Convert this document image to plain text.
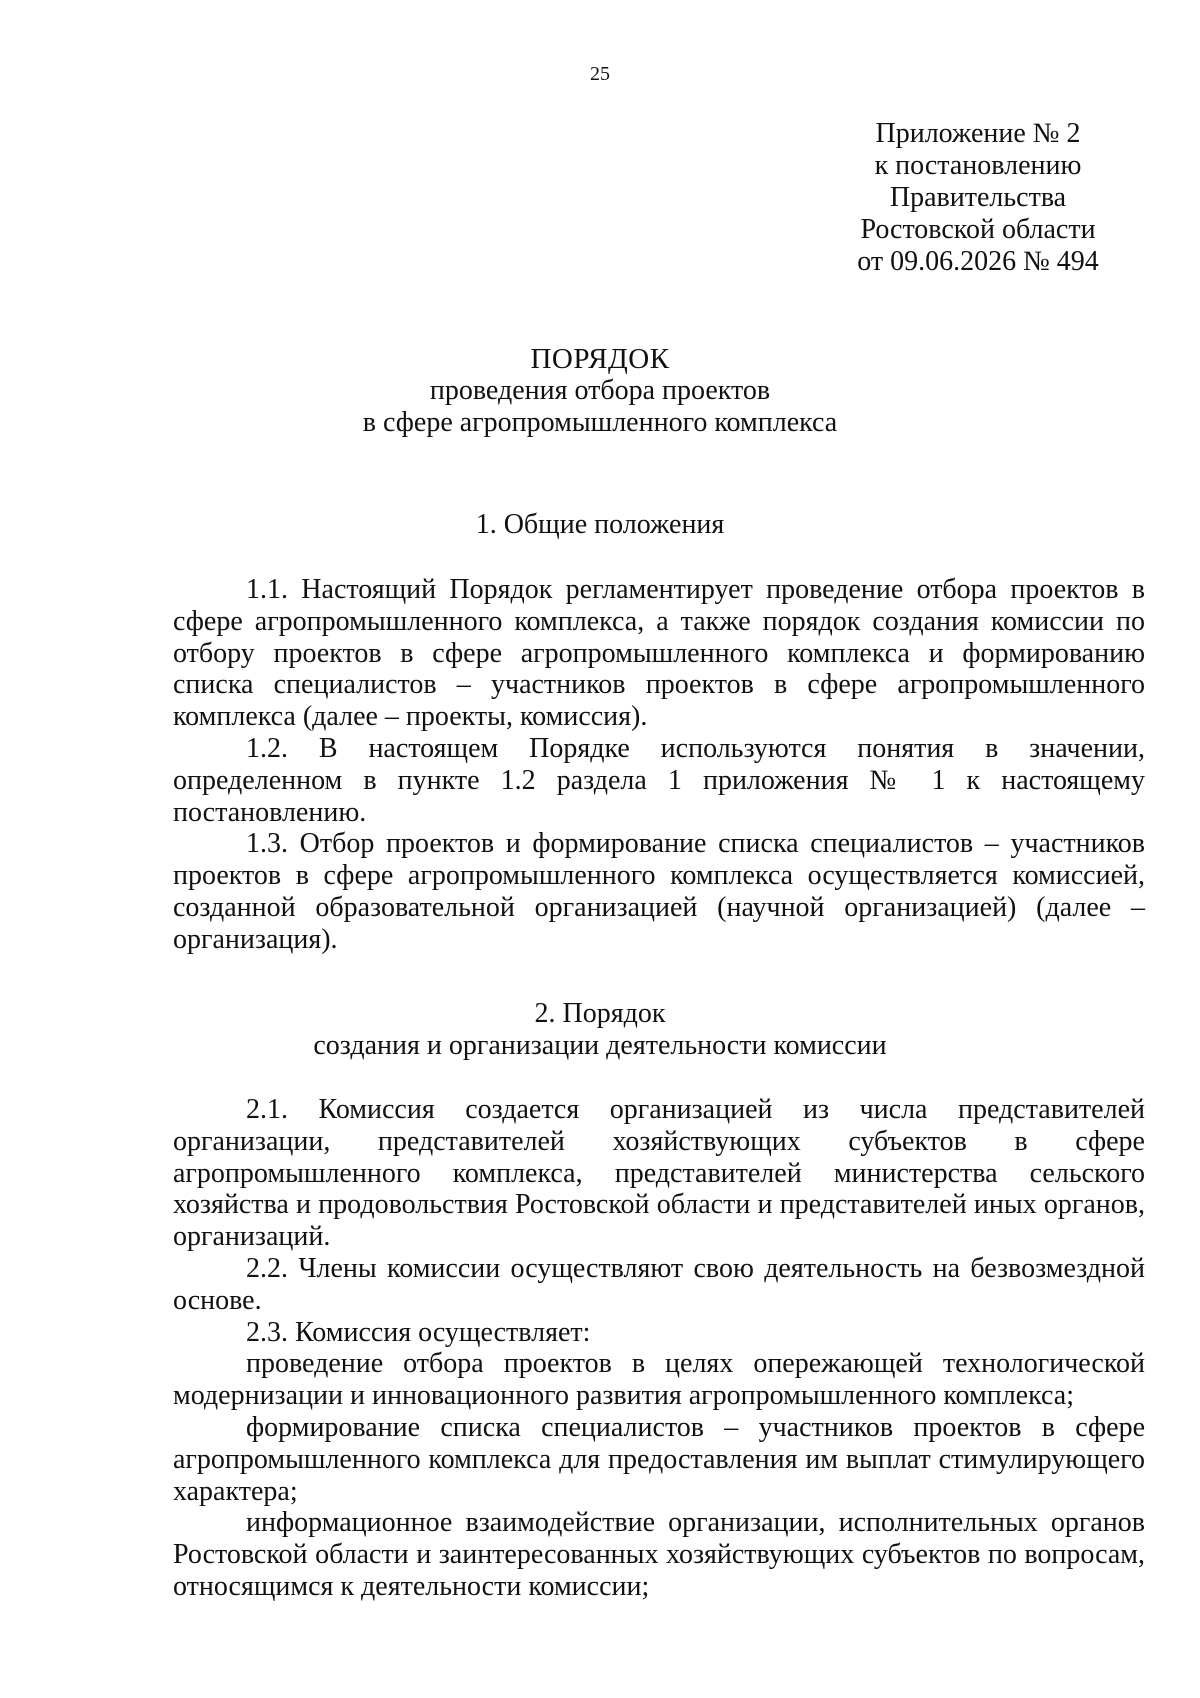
25
Приложение № 2
к постановлению
Правительства
Ростовской области
от 09.06.2026 № 494
ПОРЯДОК
проведения отбора проектов
в сфере агропромышленного комплекса
1. Общие положения

1.1. Настоящий Порядок регламентирует проведение отбора проектов в сфере агропромышленного комплекса, а также порядок создания комиссии по отбору проектов в сфере агропромышленного комплекса и формированию списка специалистов – участников проектов в сфере агропромышленного комплекса (далее – проекты, комиссия).

1.2. В настоящем Порядке используются понятия в значении, определенном в пункте 1.2 раздела 1 приложения № 1 к настоящему постановлению.

1.3. Отбор проектов и формирование списка специалистов – участников проектов в сфере агропромышленного комплекса осуществляется комиссией, созданной образовательной организацией (научной организацией) (далее – организация).

2. Порядок
создания и организации деятельности комиссии

2.1. Комиссия создается организацией из числа представителей организации, представителей хозяйствующих субъектов в сфере агропромышленного комплекса, представителей министерства сельского хозяйства и продовольствия Ростовской области и представителей иных органов, организаций.

2.2. Члены комиссии осуществляют свою деятельность на безвозмездной основе.

2.3. Комиссия осуществляет:

проведение отбора проектов в целях опережающей технологической модернизации и инновационного развития агропромышленного комплекса;

формирование списка специалистов – участников проектов в сфере агропромышленного комплекса для предоставления им выплат стимулирующего характера;

информационное взаимодействие организации, исполнительных органов Ростовской области и заинтересованных хозяйствующих субъектов по вопросам, относящимся к деятельности комиссии;
